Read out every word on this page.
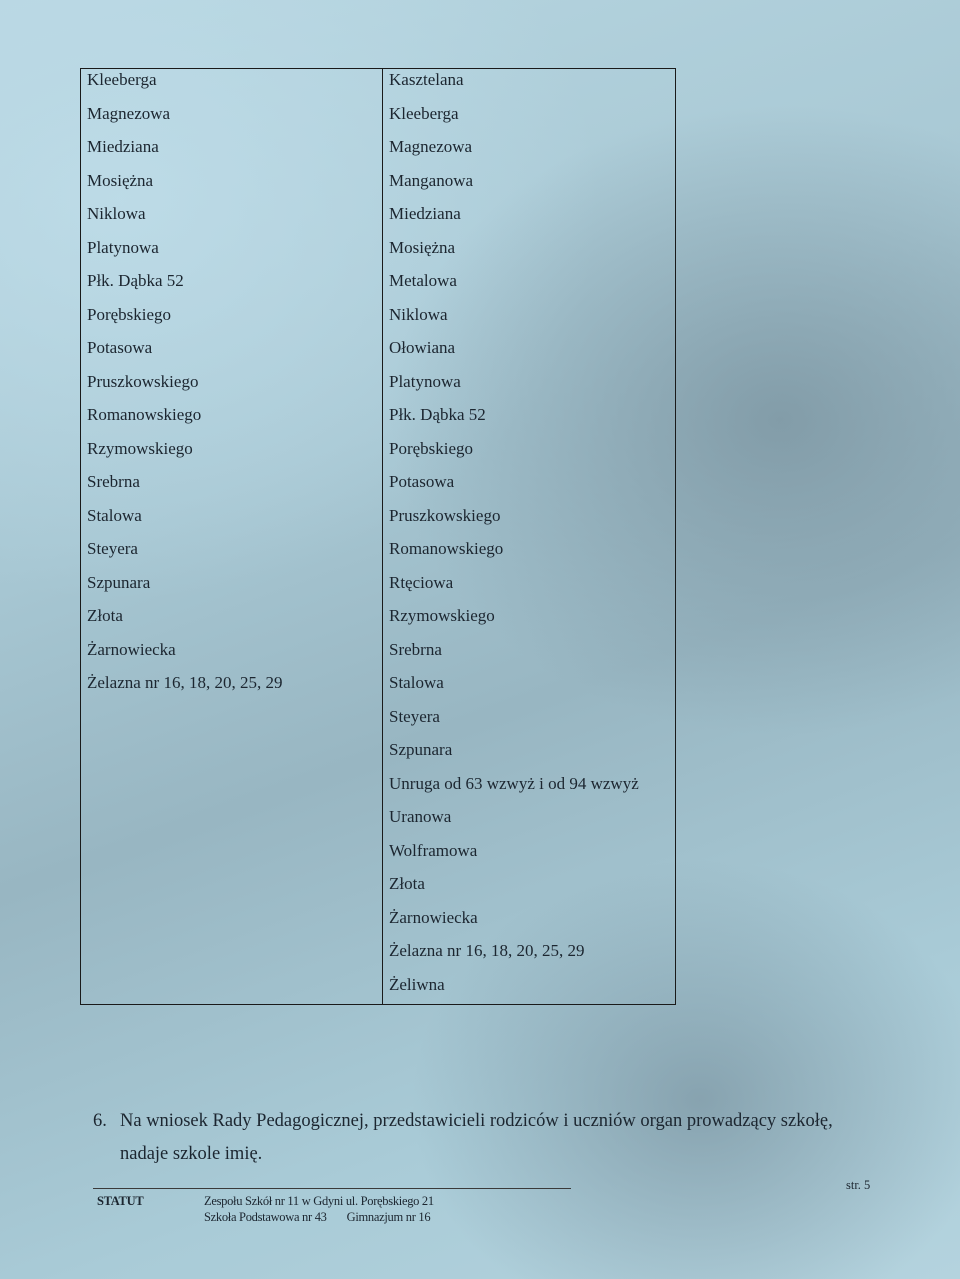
Kleeberga
Magnezowa
Miedziana
Mosiężna
Niklowa
Platynowa
Płk. Dąbka 52
Porębskiego
Potasowa
Pruszkowskiego
Romanowskiego
Rzymowskiego
Srebrna
Stalowa
Steyera
Szpunara
Złota
Żarnowiecka
Żelazna nr 16, 18, 20, 25, 29
Kasztelana
Kleeberga
Magnezowa
Manganowa
Miedziana
Mosiężna
Metalowa
Niklowa
Ołowiana
Platynowa
Płk. Dąbka 52
Porębskiego
Potasowa
Pruszkowskiego
Romanowskiego
Rtęciowa
Rzymowskiego
Srebrna
Stalowa
Steyera
Szpunara
Unruga od 63 wzwyż i od 94 wzwyż
Uranowa
Wolframowa
Złota
Żarnowiecka
Żelazna nr 16, 18, 20, 25, 29
Żeliwna
6. Na wniosek Rady Pedagogicznej, przedstawicieli rodziców i uczniów organ prowadzący szkołę,
nadaje szkole imię.
STATUT	Zespołu Szkół nr 11 w Gdyni ul. Porębskiego 21
Szkoła Podstawowa nr 43 Gimnazjum nr 16
str. 5
